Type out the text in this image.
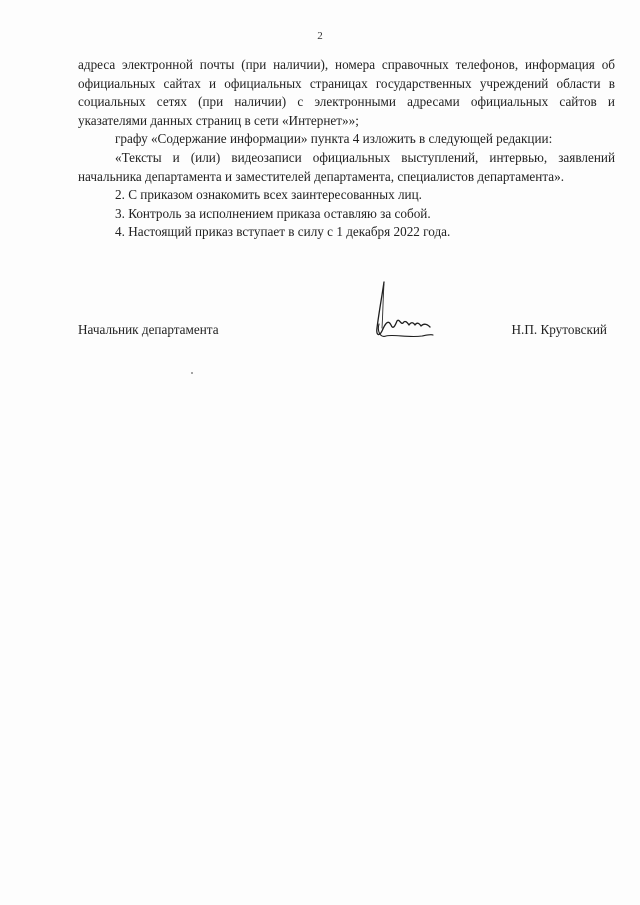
2

адреса электронной почты (при наличии), номера справочных телефонов, информация об официальных сайтах и официальных страницах государственных учреждений области в социальных сетях (при наличии) с электронными адресами официальных сайтов и указателями данных страниц в сети «Интернет»»;

графу «Содержание информации» пункта 4 изложить в следующей редакции:

«Тексты и (или) видеозаписи официальных выступлений, интервью, заявлений начальника департамента и заместителей департамента, специалистов департамента».

2. С приказом ознакомить всех заинтересованных лиц.

3. Контроль за исполнением приказа оставляю за собой.

4. Настоящий приказ вступает в силу с 1 декабря 2022 года.

Начальник департамента	Н.П. Крутовский
